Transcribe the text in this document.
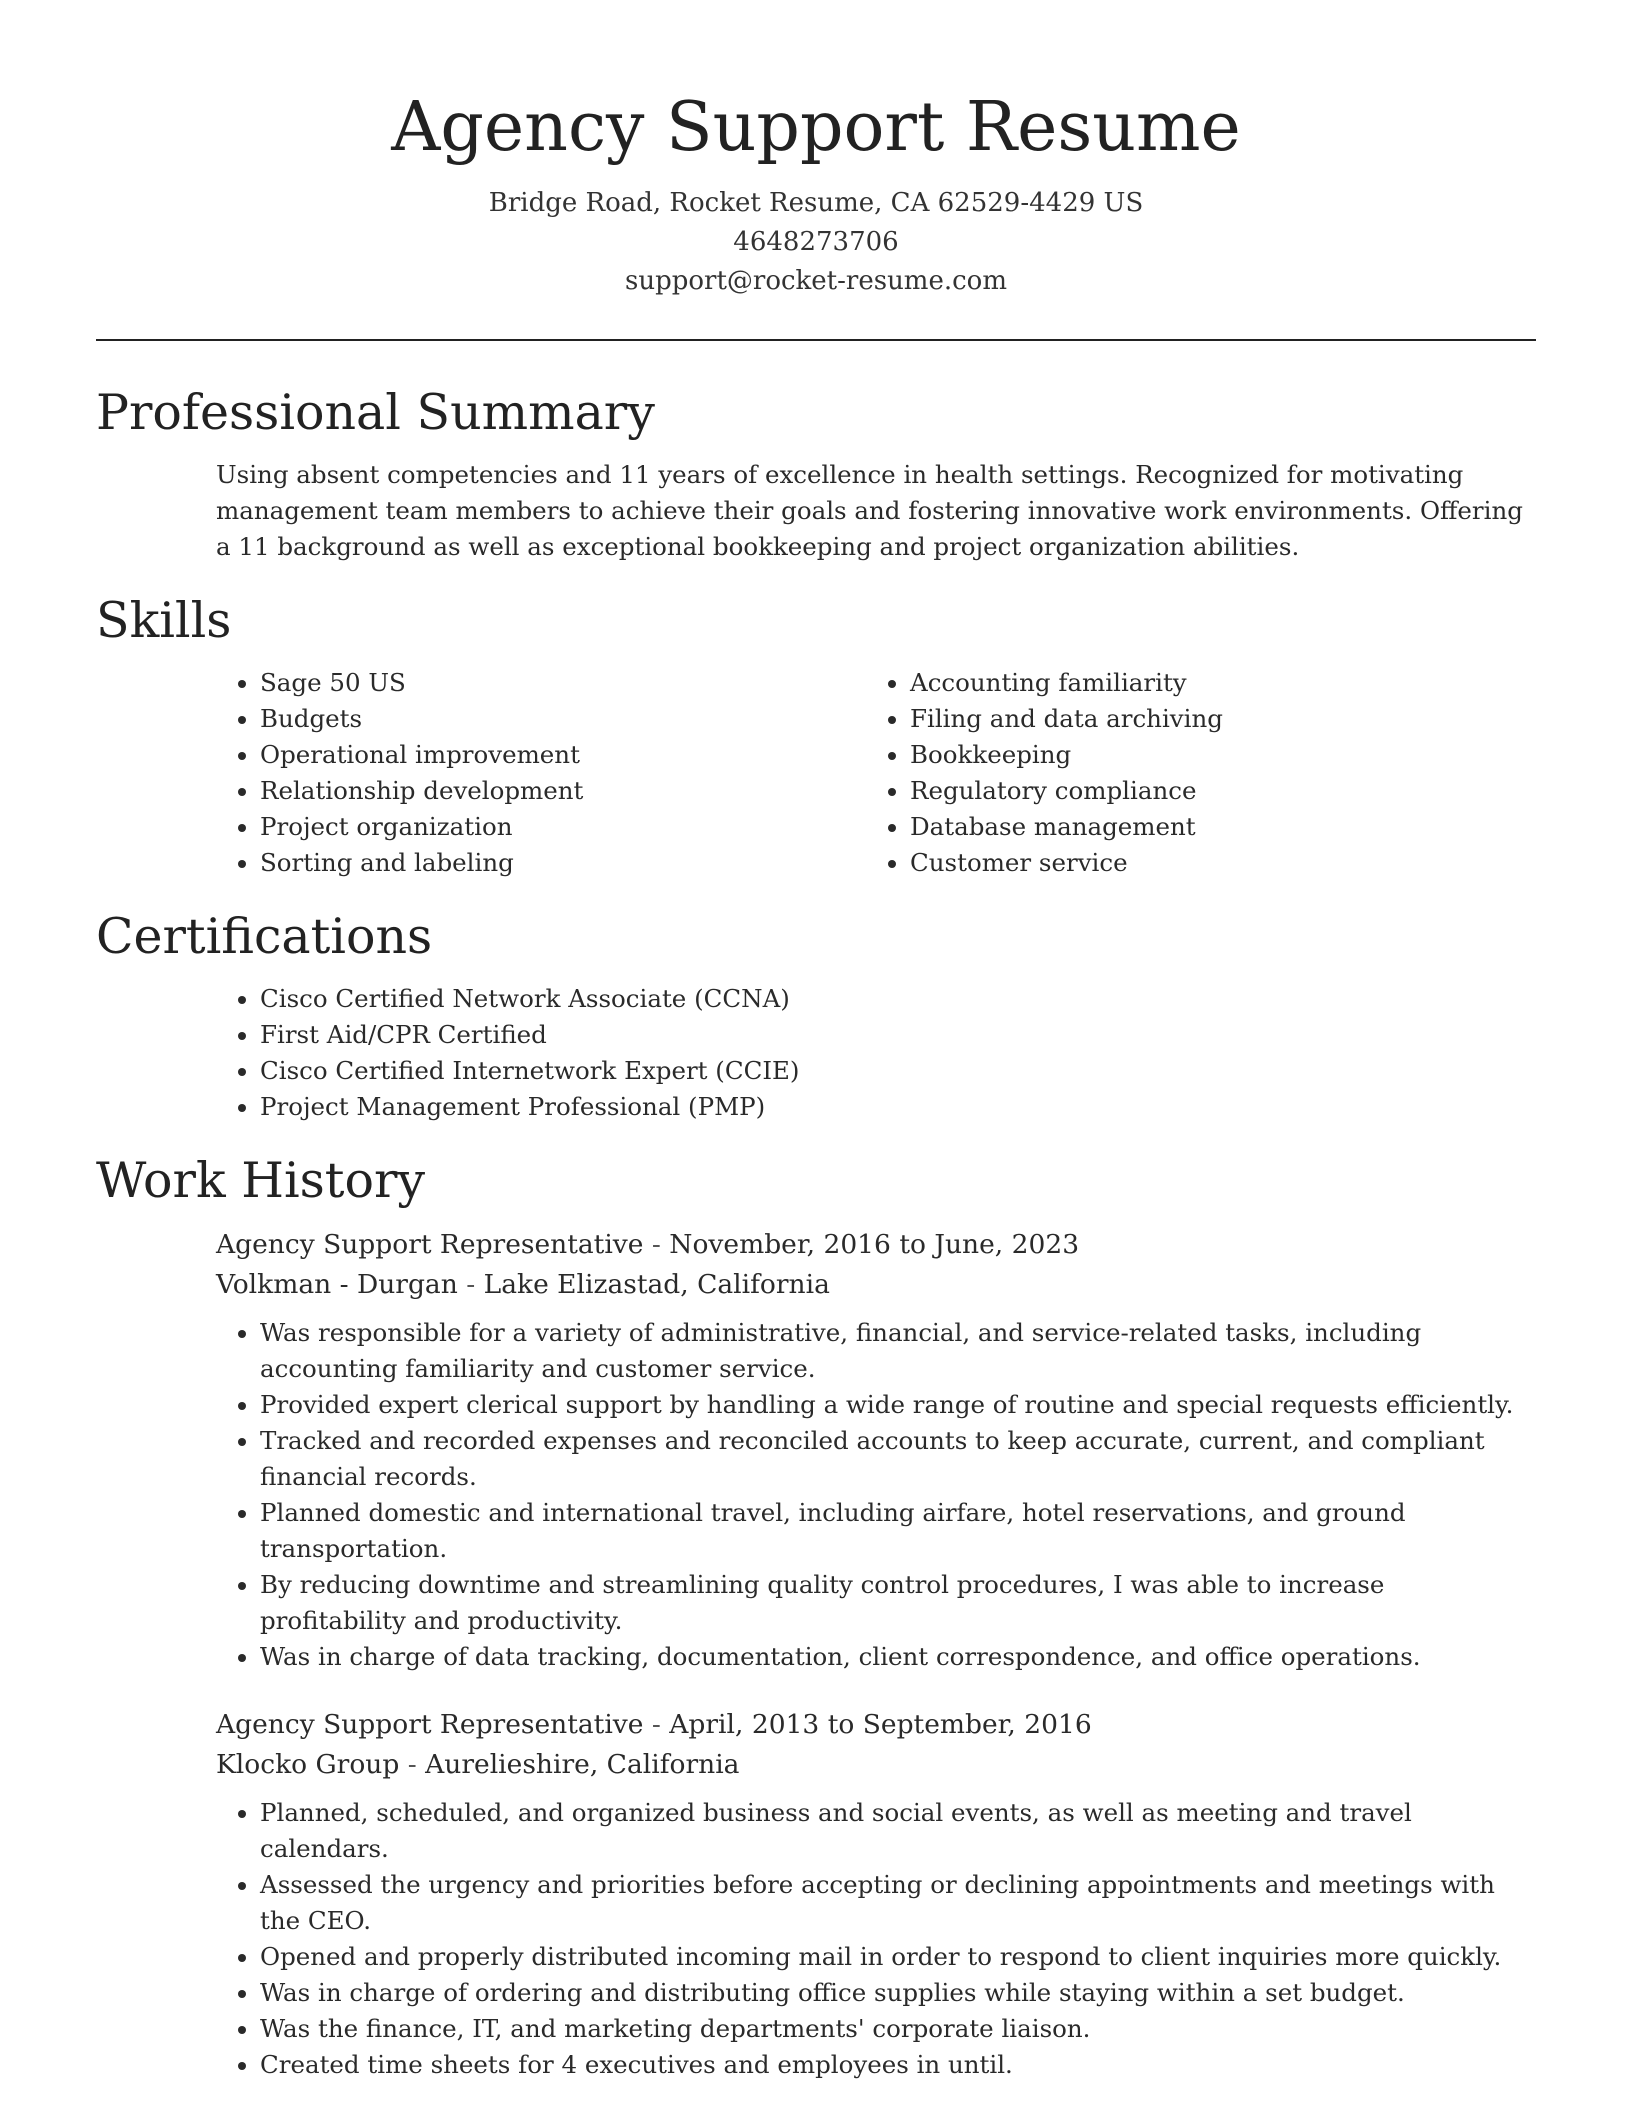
Agency Support Resume

Bridge Road, Rocket Resume, CA 62529-4429 US

4648273706

support@rocket-resume.com

Professional Summary

Using absent competencies and 11 years of excellence in health settings. Recognized for motivating management team members to achieve their goals and fostering innovative work environments. Offering a 11 background as well as exceptional bookkeeping and project organization abilities.

Skills
• Sage 50 US
• Budgets
• Operational improvement
• Relationship development
• Project organization
• Sorting and labeling
• Accounting familiarity
• Filing and data archiving
• Bookkeeping
• Regulatory compliance
• Database management
• Customer service
Certifications
• Cisco Certified Network Associate (CCNA)
• First Aid/CPR Certified
• Cisco Certified Internetwork Expert (CCIE)
• Project Management Professional (PMP)
Work History

Agency Support Representative - November, 2016 to June, 2023

Volkman - Durgan - Lake Elizastad, California

• Was responsible for a variety of administrative, financial, and service-related tasks, including accounting familiarity and customer service.
• Provided expert clerical support by handling a wide range of routine and special requests efficiently.
• Tracked and recorded expenses and reconciled accounts to keep accurate, current, and compliant financial records.
• Planned domestic and international travel, including airfare, hotel reservations, and ground transportation.
• By reducing downtime and streamlining quality control procedures, I was able to increase profitability and productivity.
• Was in charge of data tracking, documentation, client correspondence, and office operations.

Agency Support Representative - April, 2013 to September, 2016

Klocko Group - Aurelieshire, California

• Planned, scheduled, and organized business and social events, as well as meeting and travel calendars.
• Assessed the urgency and priorities before accepting or declining appointments and meetings with the CEO.
• Opened and properly distributed incoming mail in order to respond to client inquiries more quickly.
• Was in charge of ordering and distributing office supplies while staying within a set budget.
• Was the finance, IT, and marketing departments' corporate liaison.
• Created time sheets for 4 executives and employees in until.
